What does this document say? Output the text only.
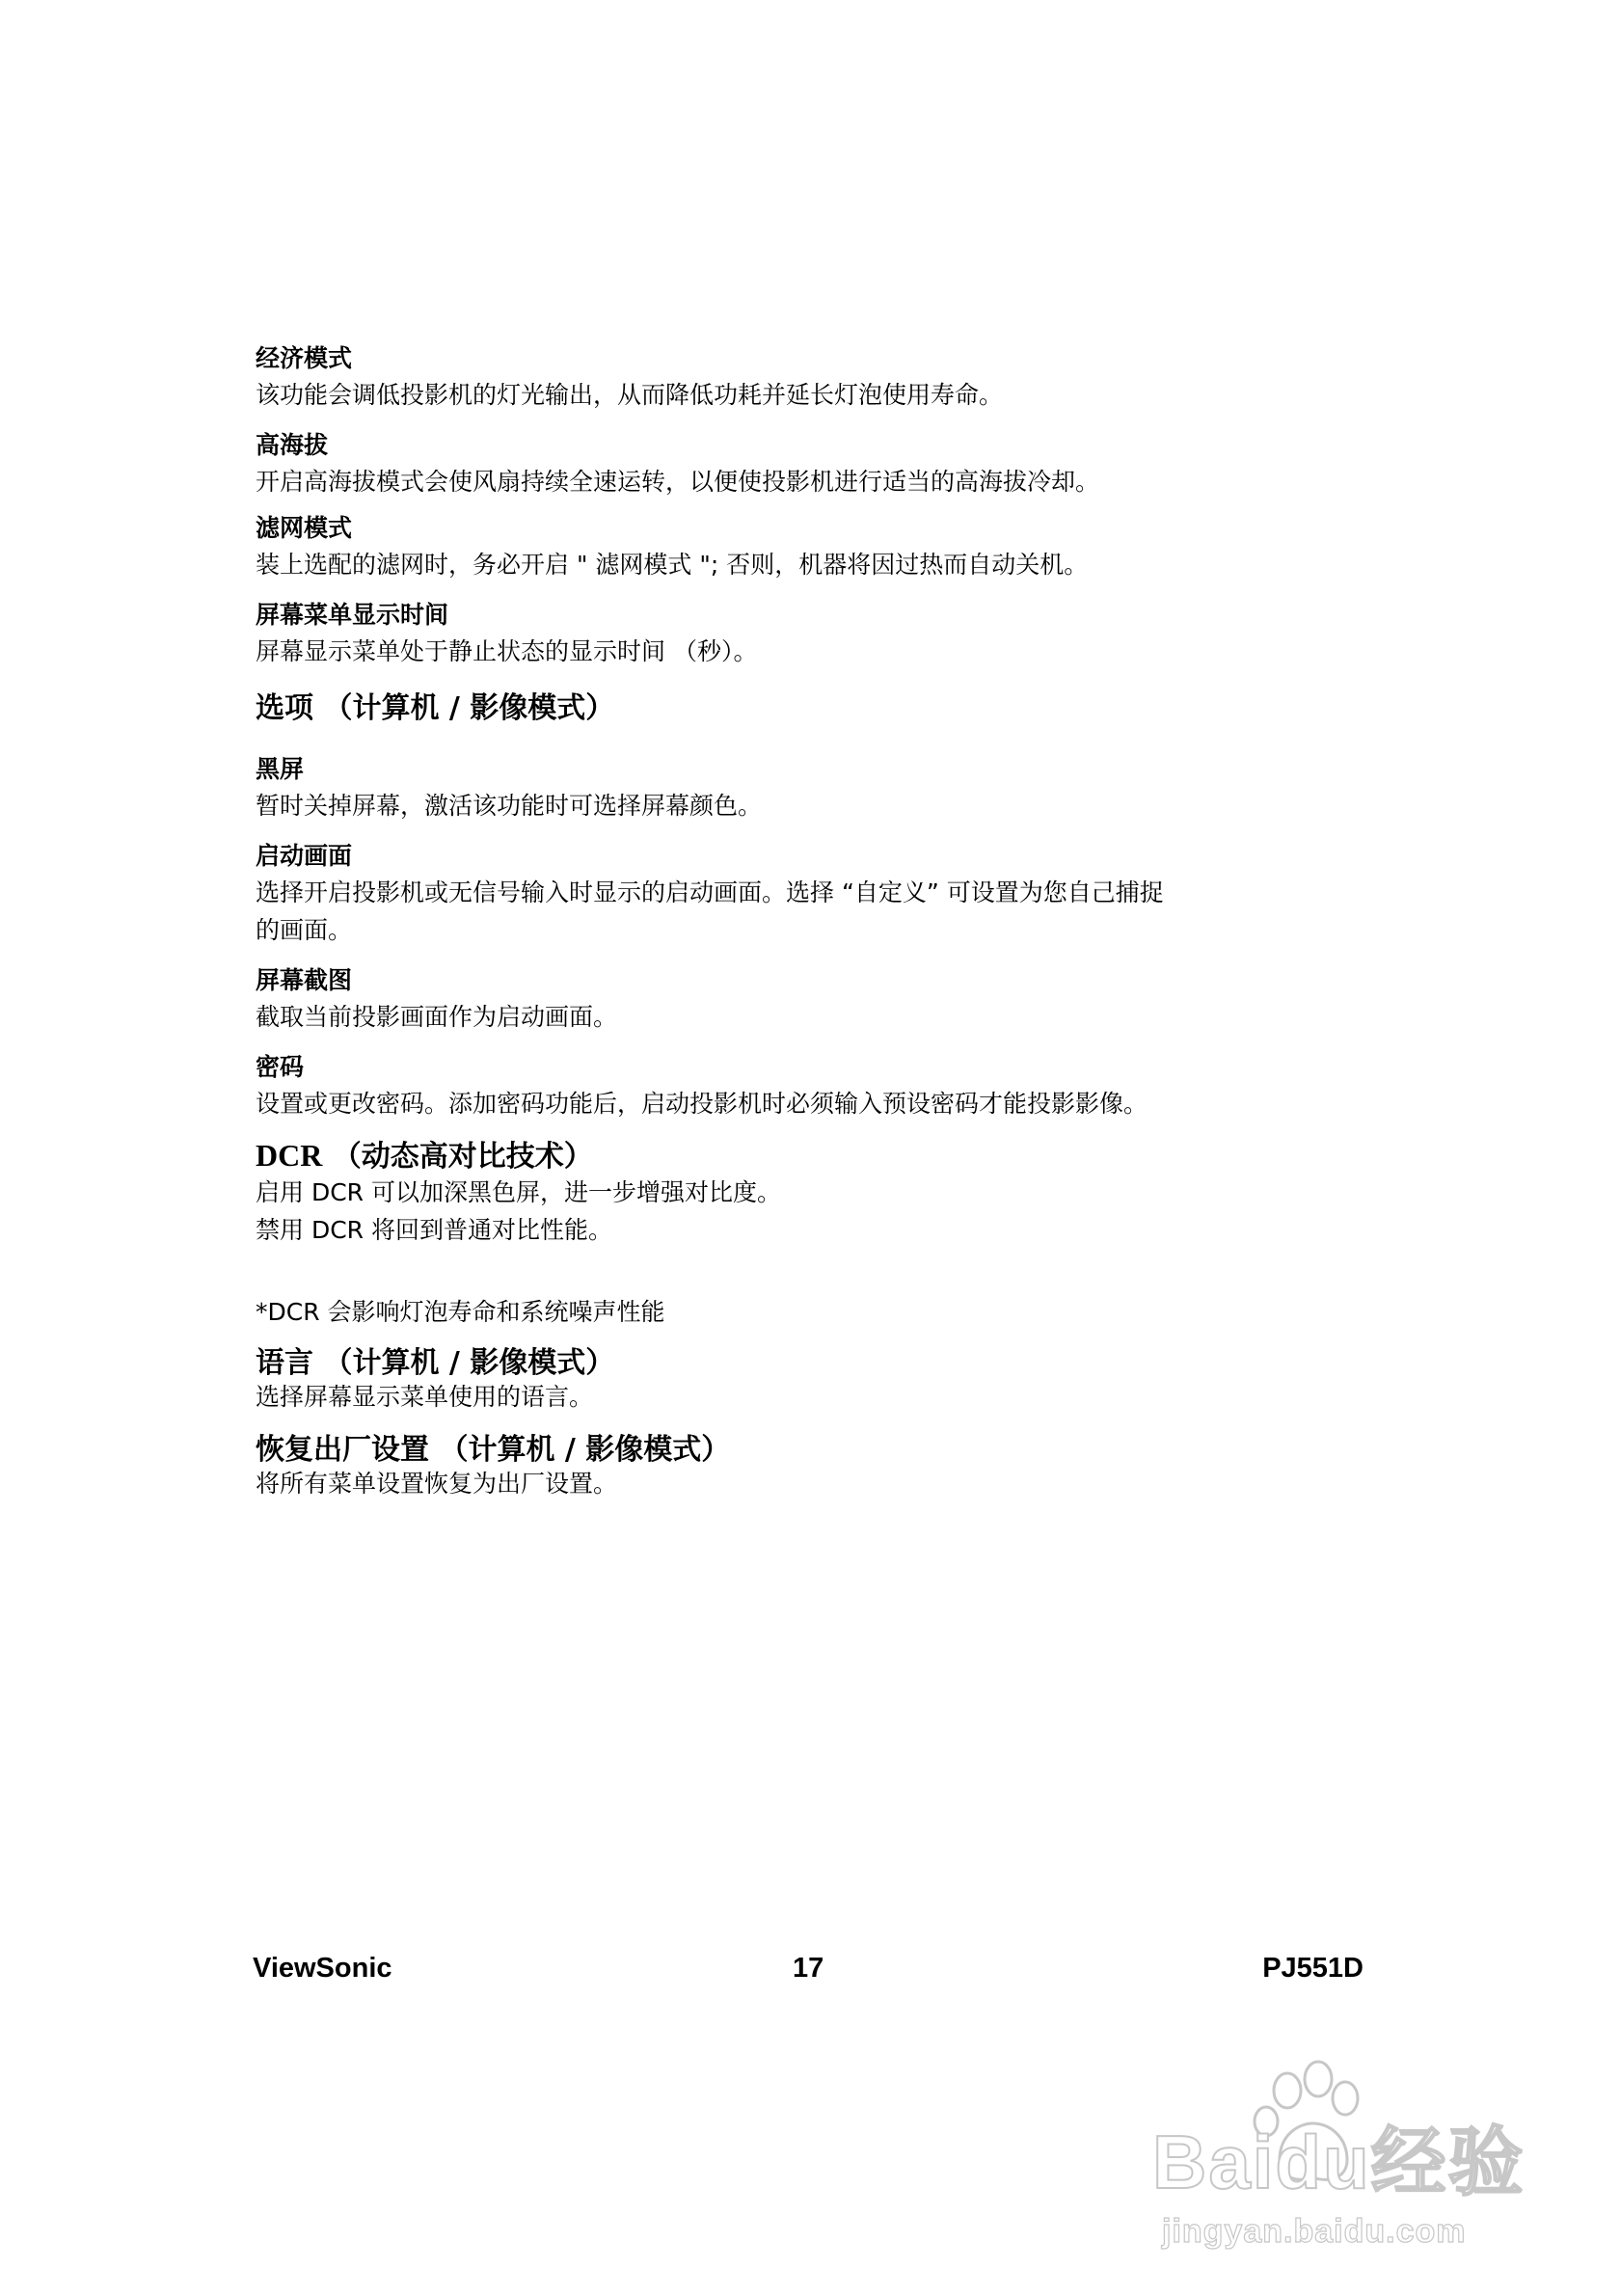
经济模式

该功能会调低投影机的灯光输出，从而降低功耗并延长灯泡使用寿命。

高海拔

开启高海拔模式会使风扇持续全速运转，以便使投影机进行适当的高海拔冷却。

滤网模式

装上选配的滤网时，务必开启 " 滤网模式 "; 否则，机器将因过热而自动关机。

屏幕菜单显示时间

屏幕显示菜单处于静止状态的显示时间 （秒）。

选项 （计算机 / 影像模式）

黑屏

暂时关掉屏幕，激活该功能时可选择屏幕颜色。

启动画面

选择开启投影机或无信号输入时显示的启动画面。选择 “自定义” 可设置为您自己捕捉

的画面。

屏幕截图

截取当前投影画面作为启动画面。

密码

设置或更改密码。添加密码功能后，启动投影机时必须输入预设密码才能投影影像。

DCR （动态高对比技术）

启用 DCR 可以加深黑色屏，进一步增强对比度。

禁用 DCR 将回到普通对比性能。

*DCR 会影响灯泡寿命和系统噪声性能

语言 （计算机 / 影像模式）

选择屏幕显示菜单使用的语言。

恢复出厂设置 （计算机 / 影像模式）

将所有菜单设置恢复为出厂设置。

ViewSonic	17	PJ551D
Baidu经验
jingyan.baidu.com
